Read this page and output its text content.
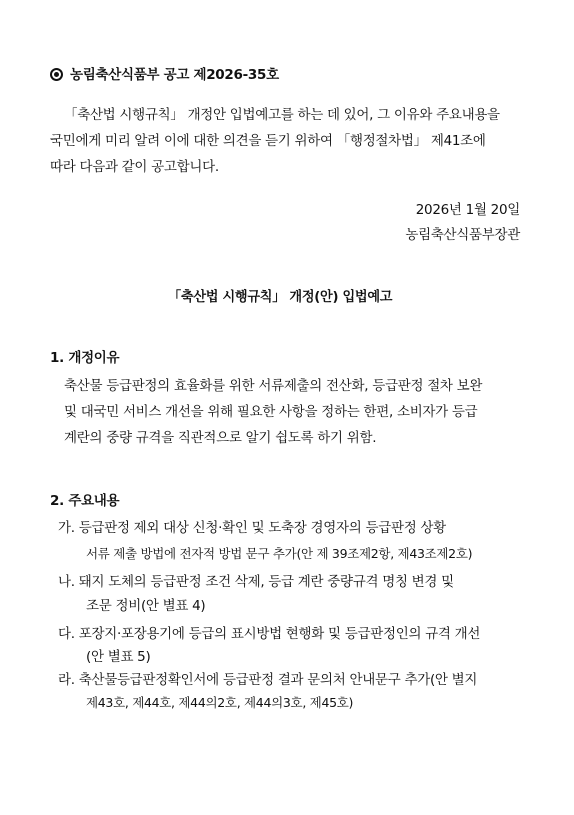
농림축산식품부 공고 제2026-35호
「축산법 시행규칙」 개정안 입법예고를 하는 데 있어, 그 이유와 주요내용을
국민에게 미리 알려 이에 대한 의견을 듣기 위하여 「행정절차법」 제41조에
따라 다음과 같이 공고합니다.
2026년 1월 20일
농림축산식품부장관
「축산법 시행규칙」 개정(안) 입법예고
1. 개정이유
축산물 등급판정의 효율화를 위한 서류제출의 전산화, 등급판정 절차 보완
및 대국민 서비스 개선을 위해 필요한 사항을 정하는 한편, 소비자가 등급
계란의 중량 규격을 직관적으로 알기 쉽도록 하기 위함.
2. 주요내용
가. 등급판정 제외 대상 신청·확인 및 도축장 경영자의 등급판정 상황
서류 제출 방법에 전자적 방법 문구 추가(안 제 39조제2항, 제43조제2호)
나. 돼지 도체의 등급판정 조건 삭제, 등급 계란 중량규격 명칭 변경 및
조문 정비(안 별표 4)
다. 포장지·포장용기에 등급의 표시방법 현행화 및 등급판정인의 규격 개선
(안 별표 5)
라. 축산물등급판정확인서에 등급판정 결과 문의처 안내문구 추가(안 별지
제43호, 제44호, 제44의2호, 제44의3호, 제45호)
